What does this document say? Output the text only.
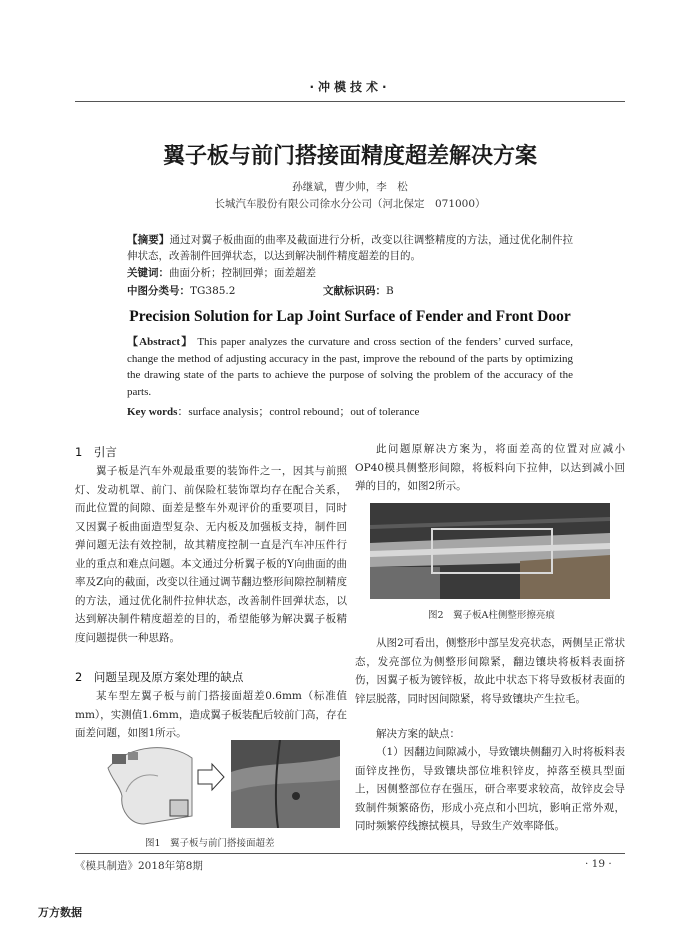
·冲模技术·
翼子板与前门搭接面精度超差解决方案
孙继斌，曹少帅，李　松
长城汽车股份有限公司徐水分公司（河北保定　071000）
【摘要】通过对翼子板曲面的曲率及截面进行分析，改变以往调整精度的方法，通过优化制件拉伸状态，改善制件回弹状态，以达到解决制件精度超差的目的。
关键词：曲面分析；控制回弹；面差超差
中图分类号：TG385.2	文献标识码：B
Precision Solution for Lap Joint Surface of Fender and Front Door
【Abstract】 This paper analyzes the curvature and cross section of the fenders’ curved surface, change the method of adjusting accuracy in the past, improve the rebound of the parts by optimizing the drawing state of the parts to achieve the purpose of solving the problem of the accuracy of the parts.
Key words：surface analysis；control rebound；out of tolerance
1　引言
翼子板是汽车外观最重要的装饰件之一，因其与前照灯、发动机罩、前门、前保险杠装饰罩均存在配合关系，而此位置的间隙、面差是整车外观评价的重要项目，同时又因翼子板曲面造型复杂、无内板及加强板支持，制件回弹问题无法有效控制，故其精度控制一直是汽车冲压件行业的重点和难点问题。本文通过分析翼子板的Y向曲面的曲率及Z向的截面，改变以往通过调节翻边整形间隙控制精度的方法，通过优化制件拉伸状态，改善制件回弹状态，以达到解决制件精度超差的目的，希望能够为解决翼子板精度问题提供一种思路。
2　问题呈现及原方案处理的缺点
某车型左翼子板与前门搭接面超差0.6mm（标准值mm），实测值1.6mm，造成翼子板装配后较前门高，存在面差问题，如图1所示。
图1　翼子板与前门搭接面超差
此问题原解决方案为，将面差高的位置对应减小OP40模具侧整形间隙，将板料向下拉伸，以达到减小回弹的目的，如图2所示。
图2　翼子板A柱侧整形擦亮痕
从图2可看出，侧整形中部呈发亮状态，两侧呈正常状态，发亮部位为侧整形间隙紧，翻边镶块将板料表面挤伤，因翼子板为镀锌板，故此中状态下将导致板材表面的锌层脱落，同时因间隙紧，将导致镶块产生拉毛。
解决方案的缺点：
（1）因翻边间隙减小，导致镶块侧翻刃入时将板料表面锌皮挫伤，导致镶块部位堆积锌皮，掉落至模具型面上，因侧整部位存在强压，研合率要求较高，故锌皮会导致制件频繁硌伤，形成小亮点和小凹坑，影响正常外观，同时频繁停线擦拭模具，导致生产效率降低。
《模具制造》2018年第8期	· 19 ·
万方数据
